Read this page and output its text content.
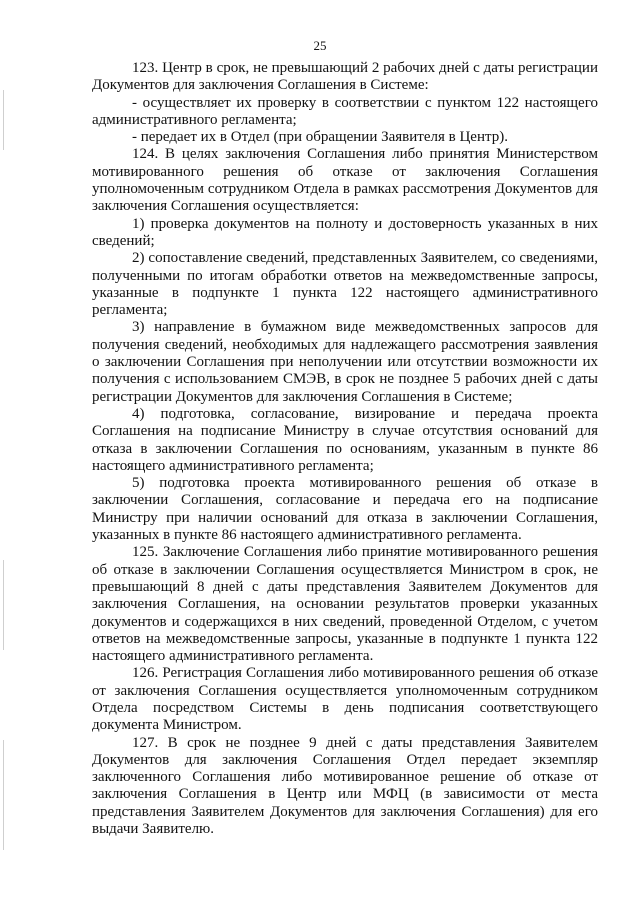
25

123. Центр в срок, не превышающий 2 рабочих дней с даты регистрации Документов для заключения Соглашения в Системе:

- осуществляет их проверку в соответствии с пунктом 122 настоящего административного регламента;

- передает их в Отдел (при обращении Заявителя в Центр).

124. В целях заключения Соглашения либо принятия Министерством мотивированного решения об отказе от заключения Соглашения уполномоченным сотрудником Отдела в рамках рассмотрения Документов для заключения Соглашения осуществляется:

1) проверка документов на полноту и достоверность указанных в них сведений;

2) сопоставление сведений, представленных Заявителем, со сведениями, полученными по итогам обработки ответов на межведомственные запросы, указанные в подпункте 1 пункта 122 настоящего административного регламента;

3) направление в бумажном виде межведомственных запросов для получения сведений, необходимых для надлежащего рассмотрения заявления о заключении Соглашения при неполучении или отсутствии возможности их получения с использованием СМЭВ, в срок не позднее 5 рабочих дней с даты регистрации Документов для заключения Соглашения в Системе;

4) подготовка, согласование, визирование и передача проекта Соглашения на подписание Министру в случае отсутствия оснований для отказа в заключении Соглашения по основаниям, указанным в пункте 86 настоящего административного регламента;

5) подготовка проекта мотивированного решения об отказе в заключении Соглашения, согласование и передача его на подписание Министру при наличии оснований для отказа в заключении Соглашения, указанных в пункте 86 настоящего административного регламента.

125. Заключение Соглашения либо принятие мотивированного решения об отказе в заключении Соглашения осуществляется Министром в срок, не превышающий 8 дней с даты представления Заявителем Документов для заключения Соглашения, на основании результатов проверки указанных документов и содержащихся в них сведений, проведенной Отделом, с учетом ответов на межведомственные запросы, указанные в подпункте 1 пункта 122 настоящего административного регламента.

126. Регистрация Соглашения либо мотивированного решения об отказе от заключения Соглашения осуществляется уполномоченным сотрудником Отдела посредством Системы в день подписания соответствующего документа Министром.

127. В срок не позднее 9 дней с даты представления Заявителем Документов для заключения Соглашения Отдел передает экземпляр заключенного Соглашения либо мотивированное решение об отказе от заключения Соглашения в Центр или МФЦ (в зависимости от места представления Заявителем Документов для заключения Соглашения) для его выдачи Заявителю.
